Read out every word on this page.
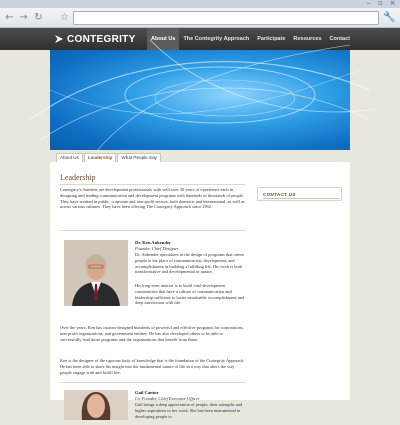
–	▫ ×
← → ↻ ☆	🔧
CONTEGRITY	About Us	The Contegrity Approach	Participate	Resources	Contact
About Us	Leadership	What People Say
Leadership
Contegrity's founders are development professionals with well over 30 years of experience each in designing and leading communication and development programs with hundreds of thousands of people. They have worked in public, corporate and non-profit sectors, both domestic and international, as well as across various cultures. They have been offering The Contegrity Approach since 1992.
Dr. Ken Anbender
Founder, Chief Designer
Dr. Anbender specializes in the design of programs that orient people to the place of communication, development, and accomplishment in building a fulfilling life. His work is both transformative and developmental in nature.
His long-term interest is to build vital development communities that have a culture of communication and leadership sufficient to foster sustainable accomplishment and deep satisfaction with life.
Over the years, Ken has custom-designed hundreds of powerful and effective programs for corporations, non-profit organizations, and government entities. He has also developed others to be able to successfully lead those programs and the organizations that benefit from them.
Ken is the designer of the rigorous body of knowledge that is the foundation of the Contegrity Approach. He has been able to share his insight into the fundamental nature of life in a way that alters the way people engage with and fulfill life.
Gail Cantor
Co-Founder, Chief Executive Officer
Gail brings a deep appreciation of people, their strengths and higher aspirations to her work. She has been instrumental in developing people to
CONTACT US
